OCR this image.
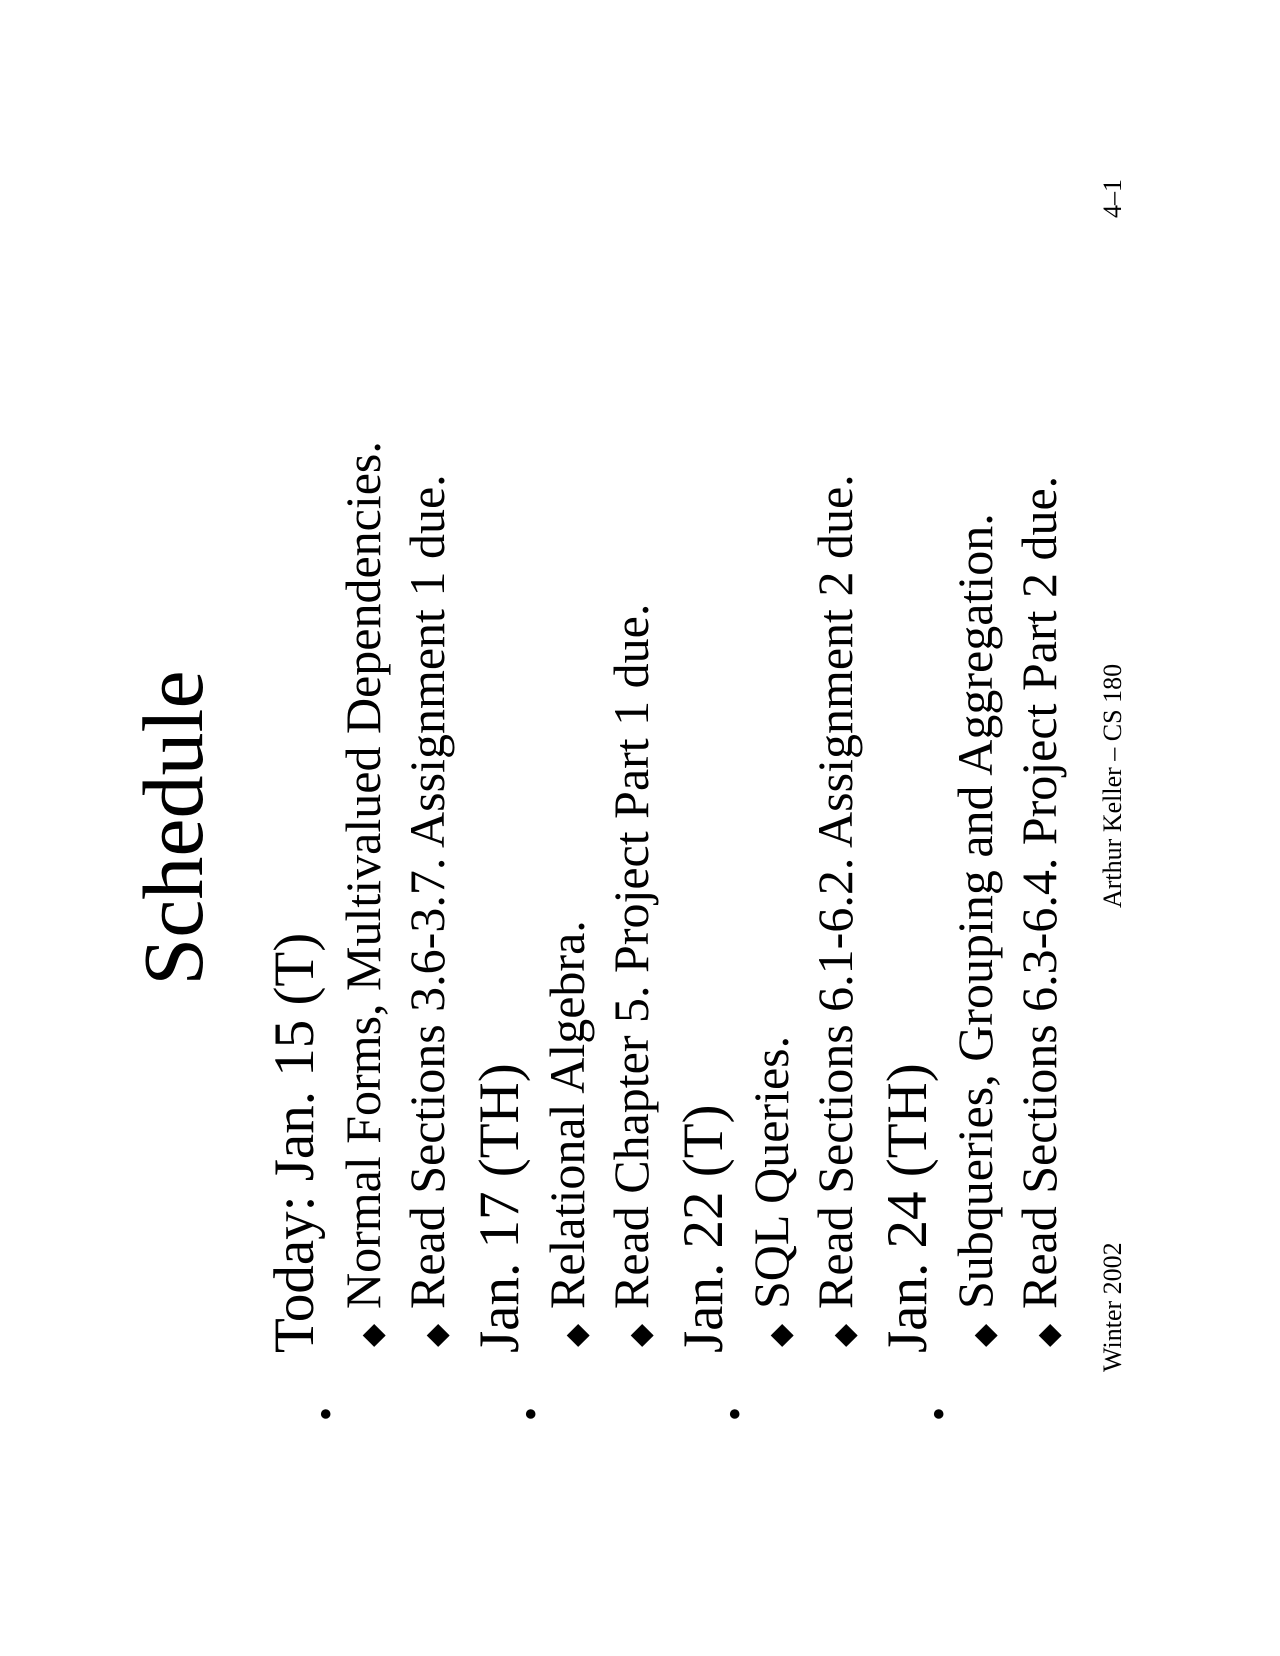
Schedule
•
Today: Jan. 15 (T) ◆
Normal Forms, Multivalued Dependencies.
◆
Read Sections 3.6-3.7. Assignment 1 due.
•
Jan. 17 (TH) ◆
Relational Algebra.
◆
Read Chapter 5. Project Part 1 due.
•
Jan. 22 (T) ◆
SQL Queries.
◆
Read Sections 6.1-6.2. Assignment 2 due.
•
Jan. 24 (TH) ◆
Subqueries, Grouping and Aggregation.
◆
Read Sections 6.3-6.4. Project Part 2 due. Winter 2002
Arthur Keller – CS 180
4–1
